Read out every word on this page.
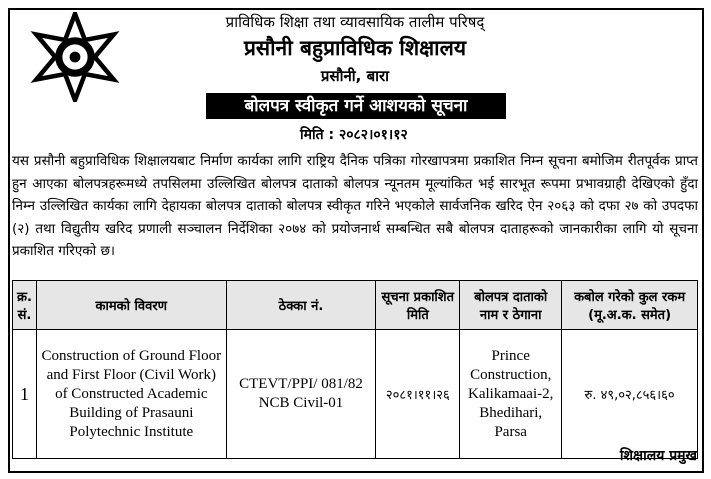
प्राविधिक शिक्षा तथा व्यावसायिक तालीम परिषद्
प्रसौनी बहुप्राविधिक शिक्षालय
प्रसौनी, बारा
बोलपत्र स्वीकृत गर्ने आशयको सूचना
मिति : २०८२।०१।१२
यस प्रसौनी बहुप्राविधिक शिक्षालयबाट निर्माण कार्यका लागि राष्ट्रिय दैनिक पत्रिका गोरखापत्रमा प्रकाशित निम्न सूचना बमोजिम रीतपूर्वक प्राप्त हुन आएका बोलपत्रहरूमध्ये तपसिलमा उल्लिखित बोलपत्र दाताको बोलपत्र न्यूनतम मूल्यांकित भई सारभूत रूपमा प्रभावग्राही देखिएको हुँदा निम्न उल्लिखित कार्यका लागि देहायका बोलपत्र दाताको बोलपत्र स्वीकृत गरिने भएकोले सार्वजनिक खरिद ऐन २०६३ को दफा २७ को उपदफा (२) तथा विद्युतीय खरिद प्रणाली सञ्चालन निर्देशिका २०७४ को प्रयोजनार्थ सम्बन्धित सबै बोलपत्र दाताहरूको जानकारीका लागि यो सूचना प्रकाशित गरिएको छ।
क्र. सं.	कामको विवरण	ठेक्का नं.	सूचना प्रकाशित मिति	बोलपत्र दाताको नाम र ठेगाना	कबोल गरेको कुल रकम (मू.अ.क. समेत)
1	Construction of Ground Floor and First Floor (Civil Work) of Constructed Academic Building of Prasauni Polytechnic Institute	CTEVT/PPI/ 081/82 NCB Civil-01	२०८१।११।२६	Prince Construction, Kalikamaai-2, Bhedihari, Parsa	रु. ४९,०२,८५६।६०
शिक्षालय प्रमुख
